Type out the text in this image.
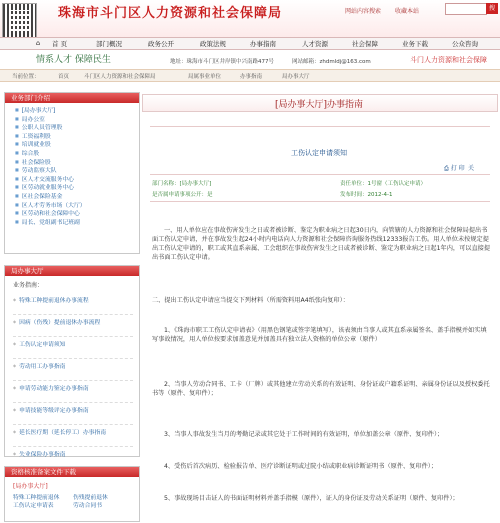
珠海市斗门区人力资源和社会保障局	网站内容搜索 收藏本站	搜
⌂ 首 页	部门概况	政务公开	政策法规	办事指南	人才资源	社会保障	业务下载	公众咨询
情系人才 保障民生	地址：珠海市斗门区井岸镇中兴南路477号	网站邮箱：zhdmldj@163.com	斗门人力资源和社会保障
当前位置：	首页	斗门区人力资源和社会保障局	局属事业单位	办事指南	局办事大厅
业务部门介绍
■ [局办事大厅]
■ 局办公室
■ 公职人员管理股
■ 工资福利股
■ 培训就业股
■ 综合股
■ 社会保险股
■ 劳动监察大队
■ 区人才交流服务中心
■ 区劳动就业服务中心
■ 区社会保险基金
■ 区人才劳务市场（大厅）
■ 区劳动和社会保障中心
■ 局长、党组副书记班副
局办事大厅
业务指南：
◆ 特殊工种提前退休办事流程
◆ 因病（伤残）提前退休办事流程
◆ 工伤认定申请须知
◆ 劳动用工办事指南
◆ 申请劳动能力鉴定办事指南
◆ 申请技能等级评定办事指南
◆ 延长医疗期（延长停工）办事指南
◆ 失业保险办事指南
资格核准备案文件下载
[局办事大厅]
特殊工种提前退休	伤残提前退休
工伤认定申请表	劳动合同书
[局办事大厅]办事指南
工伤认定申请须知
⎙ 打 印 关
部门名称：[局办事大厅]	责任单位：1号窗（工伤认定申请）
是否属申请事项公开：是	发布时间：2012-4-1
一、用人单位应在事故伤害发生之日或者被诊断、鉴定为职业病之日起30日内，向管辖的人力资源和社会保障局提出书面工伤认定申请，并在事故发生起24小时内电话向人力资源和社会保障咨询服务热线12333报告工伤。用人单位未按规定提出工伤认定申请的，职工或其直系亲属、工会组织在事故伤害发生之日或者被诊断、鉴定为职业病之日起1年内，可以直接提出书面工伤认定申请。
二、提出工伤认定申请应当提交下列材料（所需资料用A4纸张向复印）：
1、《珠海市职工工伤认定申请表》（用黑色钢笔或签字笔填写），该表须由当事人或其直系亲属签名、盖手指模并如实填写事故情况，用人单位按要求加盖意见并加盖具有独立法人资格的单位公章（原件）
2、当事人劳动合同书、工卡（厂牌）或其他建立劳动关系的有效证明、身份证或户籍系证明、亲属身份证以及授权委托书等（原件、复印件）；
3、当事人事故发生当月的考勤记录或其它处于工作时间的有效证明，单位加盖公章（原件、复印件）；
4、受伤后首次病历、检验报告单、医疗诊断证明或过院小结或职业病诊断证明书（原件、复印件）；
5、事故现场目击证人的书面证明材料并盖手指模（原件），证人的身份证及劳动关系证明（原件、复印件）；
